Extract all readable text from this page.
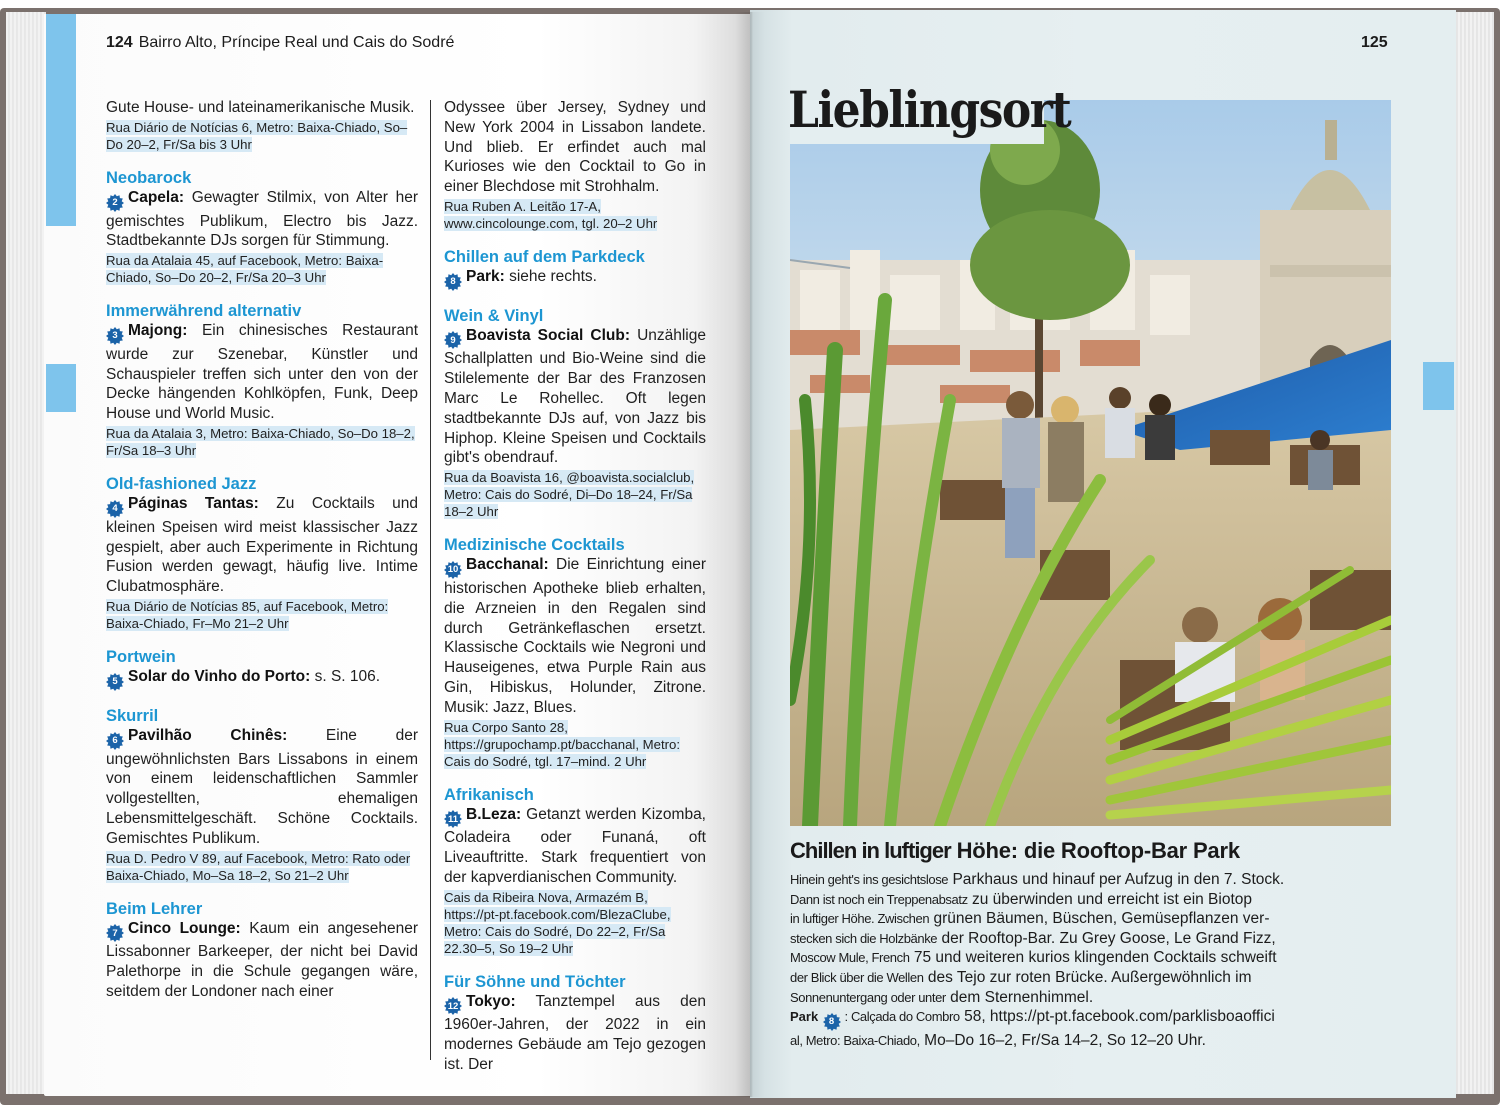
124 Bairro Alto, Príncipe Real und Cais do Sodré
Gute House- und lateinamerikanische Musik.
Rua Diário de Notícias 6, Metro: Baixa-Chiado, So–Do 20–2, Fr/Sa bis 3 Uhr
Neobarock
2 Capela: Gewagter Stilmix, von Alter her gemischtes Publikum, Electro bis Jazz. Stadtbekannte DJs sorgen für Stimmung.
Rua da Atalaia 45, auf Facebook, Metro: Baixa-Chiado, So–Do 20–2, Fr/Sa 20–3 Uhr
Immerwährend alternativ
3 Majong: Ein chinesisches Restaurant wurde zur Szenebar, Künstler und Schauspieler treffen sich unter den von der Decke hängenden Kohlköpfen, Funk, Deep House und World Music.
Rua da Atalaia 3, Metro: Baixa-Chiado, So–Do 18–2, Fr/Sa 18–3 Uhr
Old-fashioned Jazz
4 Páginas Tantas: Zu Cocktails und kleinen Speisen wird meist klassischer Jazz gespielt, aber auch Experimente in Richtung Fusion werden gewagt, häufig live. Intime Clubatmosphäre.
Rua Diário de Notícias 85, auf Facebook, Metro: Baixa-Chiado, Fr–Mo 21–2 Uhr
Portwein
5 Solar do Vinho do Porto: s. S. 106.
Skurril
6 Pavilhão Chinês: Eine der ungewöhnlichsten Bars Lissabons in einem von einem leidenschaftlichen Sammler vollgestellten, ehemaligen Lebensmittelgeschäft. Schöne Cocktails. Gemischtes Publikum.
Rua D. Pedro V 89, auf Facebook, Metro: Rato oder Baixa-Chiado, Mo–Sa 18–2, So 21–2 Uhr
Beim Lehrer
7 Cinco Lounge: Kaum ein angesehener Lissabonner Barkeeper, der nicht bei David Palethorpe in die Schule gegangen wäre, seitdem der Londoner nach einer
Odyssee über Jersey, Sydney und New York 2004 in Lissabon landete. Und blieb. Er erfindet auch mal Kurioses wie den Cocktail to Go in einer Blechdose mit Strohhalm.
Rua Ruben A. Leitão 17-A, www.cincolounge.com, tgl. 20–2 Uhr
Chillen auf dem Parkdeck
8 Park: siehe rechts.
Wein & Vinyl
9 Boavista Social Club: Unzählige Schallplatten und Bio-Weine sind die Stilelemente der Bar des Franzosen Marc Le Rohellec. Oft legen stadtbekannte DJs auf, von Jazz bis Hiphop. Kleine Speisen und Cocktails gibt's obendrauf.
Rua da Boavista 16, @boavista.socialclub, Metro: Cais do Sodré, Di–Do 18–24, Fr/Sa 18–2 Uhr
Medizinische Cocktails
10 Bacchanal: Die Einrichtung einer historischen Apotheke blieb erhalten, die Arzneien in den Regalen sind durch Getränkeflaschen ersetzt. Klassische Cocktails wie Negroni und Hauseigenes, etwa Purple Rain aus Gin, Hibiskus, Holunder, Zitrone. Musik: Jazz, Blues.
Rua Corpo Santo 28, https://grupochamp.pt/bacchanal, Metro: Cais do Sodré, tgl. 17–mind. 2 Uhr
Afrikanisch
11 B.Leza: Getanzt werden Kizomba, Coladeira oder Funaná, oft Liveauftritte. Stark frequentiert von der kapverdianischen Community.
Cais da Ribeira Nova, Armazém B, https://pt-pt.facebook.com/BlezaClube, Metro: Cais do Sodré, Do 22–2, Fr/Sa 22.30–5, So 19–2 Uhr
Für Söhne und Töchter
12 Tokyo: Tanztempel aus den 1960er-Jahren, der 2022 in ein modernes Gebäude am Tejo gezogen ist. Der
125
Lieblingsort
Chillen in luftiger Höhe: die Rooftop-Bar Park
Hinein geht's ins gesichtslose Parkhaus und hinauf per Aufzug in den 7. Stock.
Dann ist noch ein Treppenabsatz zu überwinden und erreicht ist ein Biotop
in luftiger Höhe. Zwischen grünen Bäumen, Büschen, Gemüsepflanzen ver-
stecken sich die Holzbänke der Rooftop-Bar. Zu Grey Goose, Le Grand Fizz,
Moscow Mule, French 75 und weiteren kurios klingenden Cocktails schweift
der Blick über die Wellen des Tejo zur roten Brücke. Außergewöhnlich im
Sonnenuntergang oder unter dem Sternenhimmel.
Park 8 : Calçada do Combro 58, https://pt-pt.facebook.com/parklisboaoffici
al, Metro: Baixa-Chiado, Mo–Do 16–2, Fr/Sa 14–2, So 12–20 Uhr.
